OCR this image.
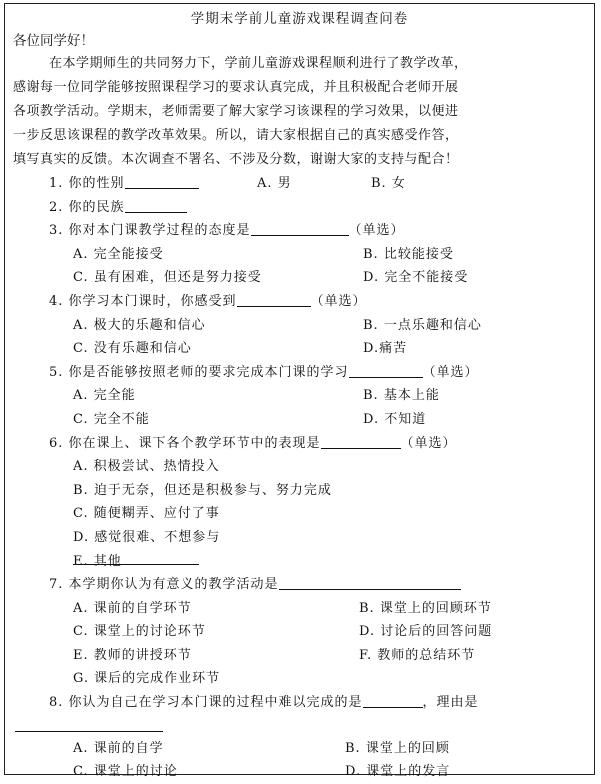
学期末学前儿童游戏课程调查问卷
各位同学好！
在本学期师生的共同努力下，学前儿童游戏课程顺利进行了教学改革，
感谢每一位同学能够按照课程学习的要求认真完成，并且积极配合老师开展
各项教学活动。学期末，老师需要了解大家学习该课程的学习效果，以便进
一步反思该课程的教学改革效果。所以，请大家根据自己的真实感受作答，
填写真实的反馈。本次调查不署名、不涉及分数，谢谢大家的支持与配合！
1. 你的性别	A. 男	B. 女
2. 你的民族
3. 你对本门课教学过程的态度是	（单选）
A. 完全能接受	B. 比较能接受
C. 虽有困难，但还是努力接受	D. 完全不能接受
4. 你学习本门课时，你感受到	（单选）
A. 极大的乐趣和信心	B. 一点乐趣和信心
C. 没有乐趣和信心	D.痛苦
5. 你是否能够按照老师的要求完成本门课的学习	（单选）
A. 完全能	B. 基本上能
C. 完全不能	D. 不知道
6. 你在课上、课下各个教学环节中的表现是	（单选）
A. 积极尝试、热情投入
B. 迫于无奈，但还是积极参与、努力完成
C. 随便糊弄、应付了事
D. 感觉很难、不想参与
E. 其他
7. 本学期你认为有意义的教学活动是
A. 课前的自学环节	B. 课堂上的回顾环节
C. 课堂上的讨论环节	D. 讨论后的回答问题
E. 教师的讲授环节	F. 教师的总结环节
G. 课后的完成作业环节
8. 你认为自己在学习本门课的过程中难以完成的是	，理由是
A. 课前的自学	B. 课堂上的回顾
C. 课堂上的讨论	D. 课堂上的发言
